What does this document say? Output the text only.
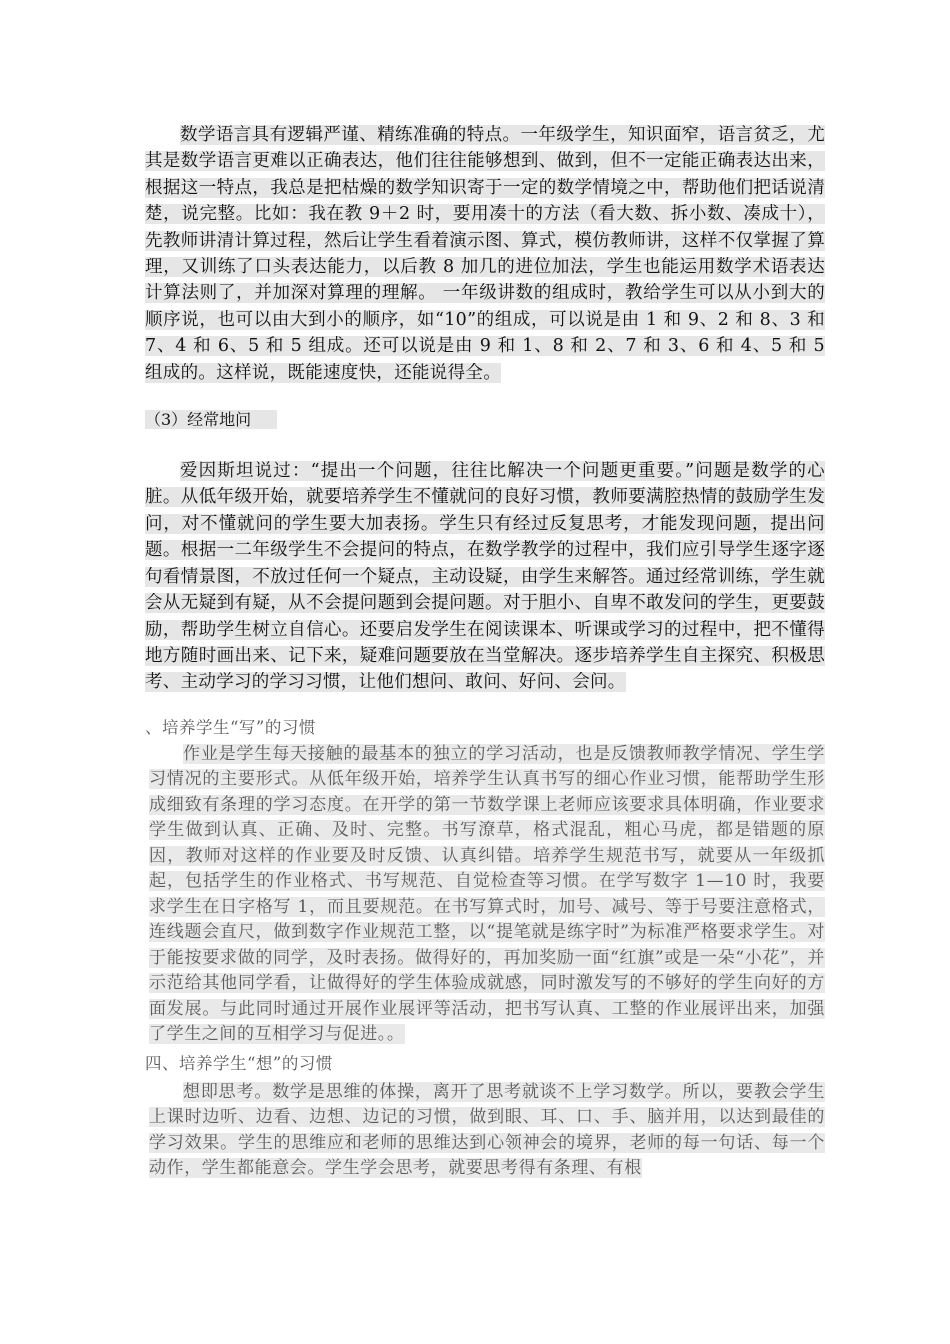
数学语言具有逻辑严谨、精练准确的特点。一年级学生，知识面窄，语言贫乏，尤其是数学语言更难以正确表达，他们往往能够想到、做到，但不一定能正确表达出来，根据这一特点，我总是把枯燥的数学知识寄于一定的数学情境之中，帮助他们把话说清楚，说完整。比如：我在教 9＋2 时，要用凑十的方法（看大数、拆小数、凑成十），先教师讲清计算过程，然后让学生看着演示图、算式，模仿教师讲，这样不仅掌握了算理，又训练了口头表达能力，以后教 8 加几的进位加法，学生也能运用数学术语表达计算法则了，并加深对算理的理解。 一年级讲数的组成时，教给学生可以从小到大的顺序说，也可以由大到小的顺序，如“10”的组成，可以说是由 1 和 9、2 和 8、3 和 7、4 和 6、5 和 5 组成。还可以说是由 9 和 1、8 和 2、7 和 3、6 和 4、5 和 5 组成的。这样说，既能速度快，还能说得全。

（3）经常地问

爱因斯坦说过：“提出一个问题，往往比解决一个问题更重要。”问题是数学的心脏。从低年级开始，就要培养学生不懂就问的良好习惯，教师要满腔热情的鼓励学生发问，对不懂就问的学生要大加表扬。学生只有经过反复思考，才能发现问题，提出问题。根据一二年级学生不会提问的特点，在数学教学的过程中，我们应引导学生逐字逐句看情景图，不放过任何一个疑点，主动设疑，由学生来解答。通过经常训练，学生就会从无疑到有疑，从不会提问题到会提问题。对于胆小、自卑不敢发问的学生，更要鼓励，帮助学生树立自信心。还要启发学生在阅读课本、听课或学习的过程中，把不懂得地方随时画出来、记下来，疑难问题要放在当堂解决。逐步培养学生自主探究、积极思考、主动学习的学习习惯，让他们想问、敢问、好问、会问。

、培养学生“写”的习惯

作业是学生每天接触的最基本的独立的学习活动，也是反馈教师教学情况、学生学习情况的主要形式。从低年级开始，培养学生认真书写的细心作业习惯，能帮助学生形成细致有条理的学习态度。在开学的第一节数学课上老师应该要求具体明确，作业要求学生做到认真、正确、及时、完整。书写潦草，格式混乱，粗心马虎，都是错题的原因，教师对这样的作业要及时反馈、认真纠错。培养学生规范书写，就要从一年级抓起，包括学生的作业格式、书写规范、自觉检查等习惯。在学写数字 1—10 时，我要求学生在日字格写 1，而且要规范。在书写算式时，加号、减号、等于号要注意格式，连线题会直尺，做到数字作业规范工整，以“提笔就是练字时”为标准严格要求学生。对于能按要求做的同学，及时表扬。做得好的，再加奖励一面“红旗”或是一朵“小花”，并示范给其他同学看，让做得好的学生体验成就感，同时激发写的不够好的学生向好的方面发展。与此同时通过开展作业展评等活动，把书写认真、工整的作业展评出来，加强了学生之间的互相学习与促进。。

四、培养学生“想”的习惯

想即思考。数学是思维的体操，离开了思考就谈不上学习数学。所以，要教会学生上课时边听、边看、边想、边记的习惯，做到眼、耳、口、手、脑并用，以达到最佳的学习效果。学生的思维应和老师的思维达到心领神会的境界，老师的每一句话、每一个动作，学生都能意会。学生学会思考，就要思考得有条理、有根
